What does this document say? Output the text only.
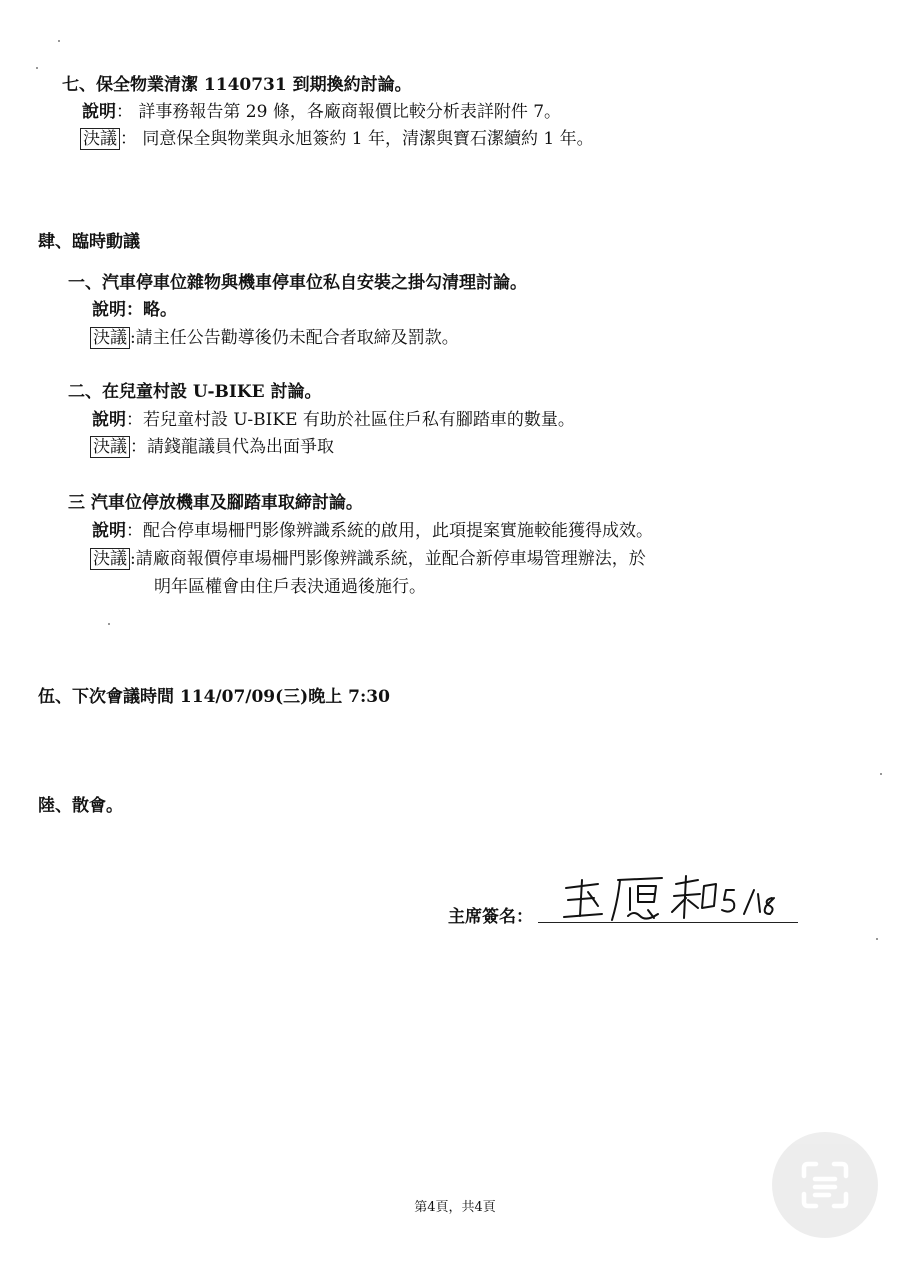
七、保全物業清潔 1140731 到期換約討論。
說明： 詳事務報告第 29 條，各廠商報價比較分析表詳附件 7。
決議 ： 同意保全與物業與永旭簽約 1 年，清潔與寶石潔續約 1 年。
肆、臨時動議
一、汽車停車位雜物與機車停車位私自安裝之掛勾清理討論。
說明：略。
決議 :請主任公告勸導後仍未配合者取締及罰款。
二、在兒童村設 U-BIKE 討論。
說明：若兒童村設 U-BIKE 有助於社區住戶私有腳踏車的數量。
決議 ：請錢龍議員代為出面爭取
三 汽車位停放機車及腳踏車取締討論。
說明：配合停車場柵門影像辨識系統的啟用，此項提案實施較能獲得成效。
決議 :請廠商報價停車場柵門影像辨識系統，並配合新停車場管理辦法，於
明年區權會由住戶表決通過後施行。
伍、下次會議時間 114/07/09(三)晚上 7:30
陸、散會。
主席簽名：
第4頁，共4頁
